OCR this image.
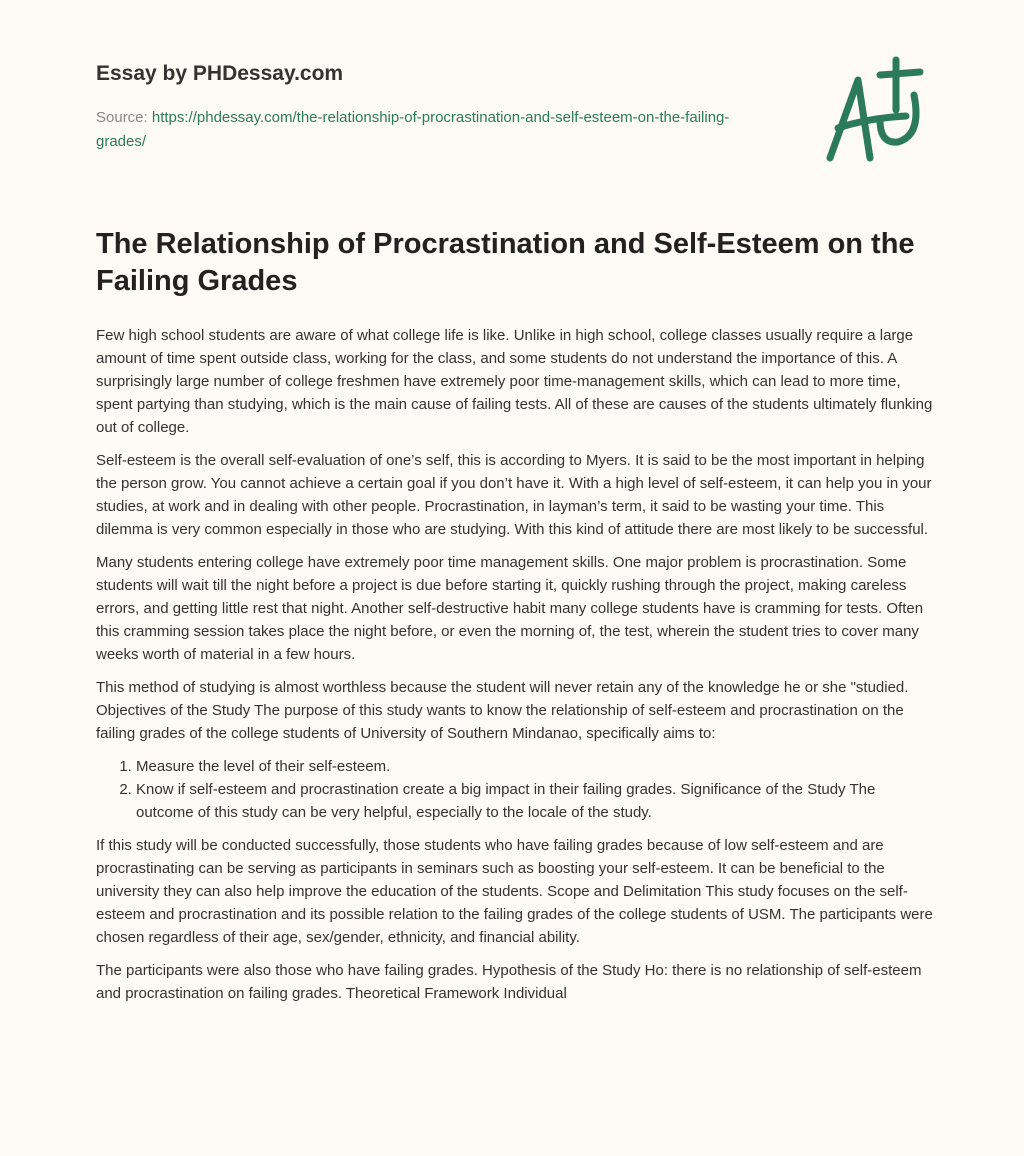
Essay by PHDessay.com
Source: https://phdessay.com/the-relationship-of-procrastination-and-self-esteem-on-the-failing-grades/
The Relationship of Procrastination and Self-Esteem on the Failing Grades

Few high school students are aware of what college life is like. Unlike in high school, college classes usually require a large amount of time spent outside class, working for the class, and some students do not understand the importance of this. A surprisingly large number of college freshmen have extremely poor time-management skills, which can lead to more time, spent partying than studying, which is the main cause of failing tests. All of these are causes of the students ultimately flunking out of college.

Self-esteem is the overall self-evaluation of one’s self, this is according to Myers. It is said to be the most important in helping the person grow. You cannot achieve a certain goal if you don’t have it. With a high level of self-esteem, it can help you in your studies, at work and in dealing with other people. Procrastination, in layman’s term, it said to be wasting your time. This dilemma is very common especially in those who are studying. With this kind of attitude there are most likely to be successful.

Many students entering college have extremely poor time management skills. One major problem is procrastination. Some students will wait till the night before a project is due before starting it, quickly rushing through the project, making careless errors, and getting little rest that night. Another self-destructive habit many college students have is cramming for tests. Often this cramming session takes place the night before, or even the morning of, the test, wherein the student tries to cover many weeks worth of material in a few hours.

This method of studying is almost worthless because the student will never retain any of the knowledge he or she "studied. Objectives of the Study The purpose of this study wants to know the relationship of self-esteem and procrastination on the failing grades of the college students of University of Southern Mindanao, specifically aims to:

1. Measure the level of their self-esteem.
2. Know if self-esteem and procrastination create a big impact in their failing grades. Significance of the Study The outcome of this study can be very helpful, especially to the locale of the study.

If this study will be conducted successfully, those students who have failing grades because of low self-esteem and are procrastinating can be serving as participants in seminars such as boosting your self-esteem. It can be beneficial to the university they can also help improve the education of the students. Scope and Delimitation This study focuses on the self-esteem and procrastination and its possible relation to the failing grades of the college students of USM. The participants were chosen regardless of their age, sex/gender, ethnicity, and financial ability.

The participants were also those who have failing grades. Hypothesis of the Study Ho: there is no relationship of self-esteem and procrastination on failing grades. Theoretical Framework Individual
